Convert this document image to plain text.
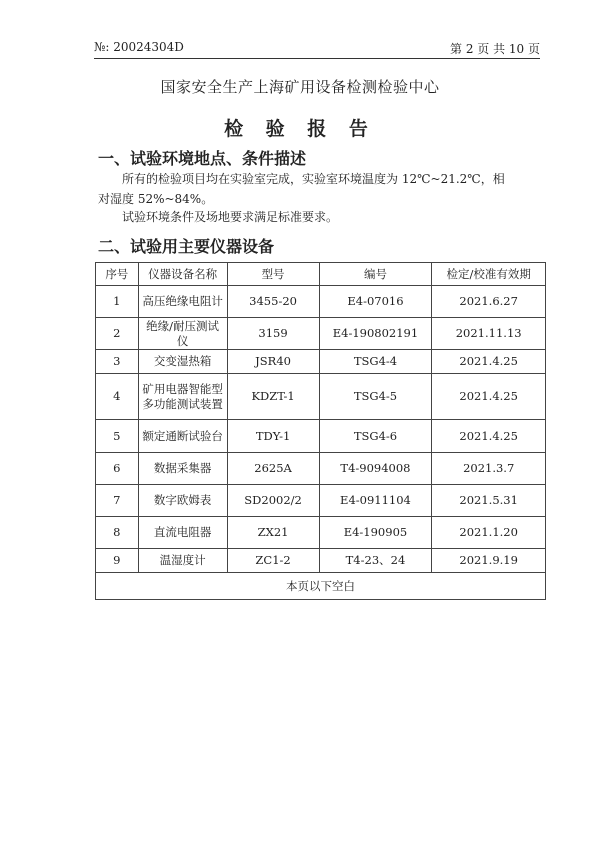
№: 20024304D	第 2 页 共 10 页
国家安全生产上海矿用设备检测检验中心
检 验 报 告
一、试验环境地点、条件描述
所有的检验项目均在实验室完成，实验室环境温度为 12℃~21.2℃，相对湿度 52%~84%。
试验环境条件及场地要求满足标准要求。
二、试验用主要仪器设备
序号	仪器设备名称	型号	编号	检定/校准有效期
1	高压绝缘电阻计	3455-20	E4-07016	2021.6.27
2	绝缘/耐压测试仪	3159	E4-190802191	2021.11.13
3	交变湿热箱	JSR40	TSG4-4	2021.4.25
4	矿用电器智能型多功能测试装置	KDZT-1	TSG4-5	2021.4.25
5	额定通断试验台	TDY-1	TSG4-6	2021.4.25
6	数据采集器	2625A	T4-9094008	2021.3.7
7	数字欧姆表	SD2002/2	E4-0911104	2021.5.31
8	直流电阻器	ZX21	E4-190905	2021.1.20
9	温湿度计	ZC1-2	T4-23、24	2021.9.19
本页以下空白				
